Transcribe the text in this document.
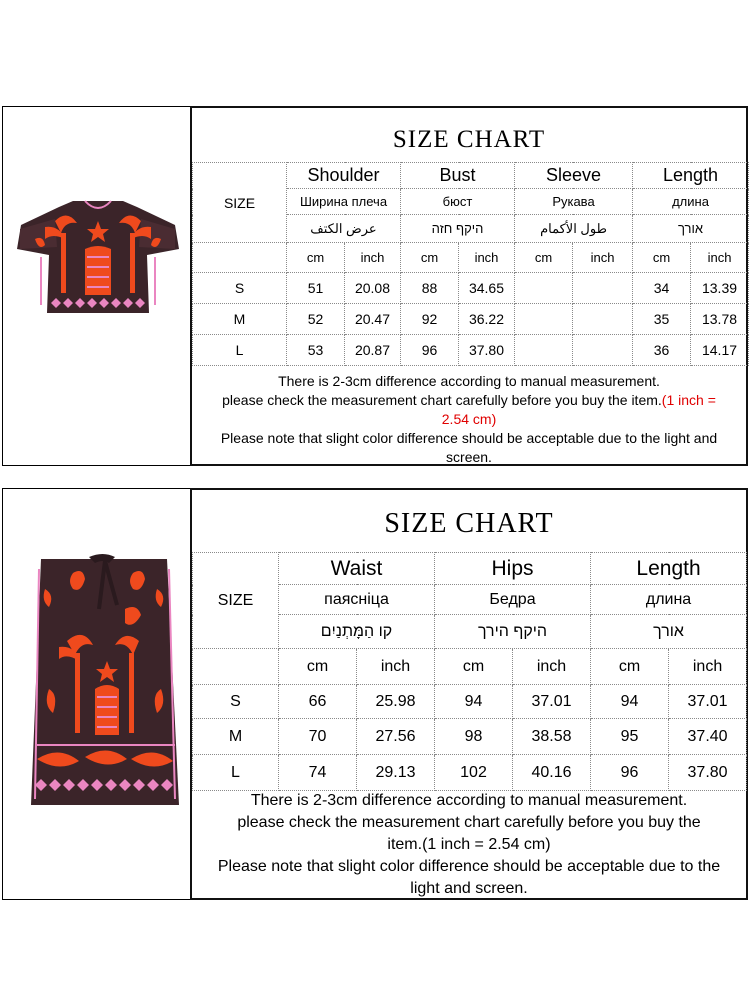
SIZE CHART
SIZE	Shoulder		Bust		Sleeve		Length	
	Ширина плеча		бюст		Рукава		длина	
	عرض الكتف		היקף חזה		طول الأكمام		אורך	
	cm	inch	cm	inch	cm	inch	cm	inch
S	51	20.08	88	34.65			34	13.39
M	52	20.47	92	36.22			35	13.78
L	53	20.87	96	37.80			36	14.17
There is 2-3cm difference according to manual measurement.
please check the measurement chart carefully before you buy the item.(1 inch =
2.54 cm)
Please note that slight color difference should be acceptable due to the light and
screen.
SIZE CHART
SIZE	Waist		Hips		Length	
	паясніца		Бедра		длина	
	קו הַמָּתְנַיִם		היקף הירך		אורך	
	cm	inch	cm	inch	cm	inch
S	66	25.98	94	37.01	94	37.01
M	70	27.56	98	38.58	95	37.40
L	74	29.13	102	40.16	96	37.80
There is 2-3cm difference according to manual measurement.
please check the measurement chart carefully before you buy the
item.(1 inch = 2.54 cm)
Please note that slight color difference should be acceptable due to the
light and screen.
